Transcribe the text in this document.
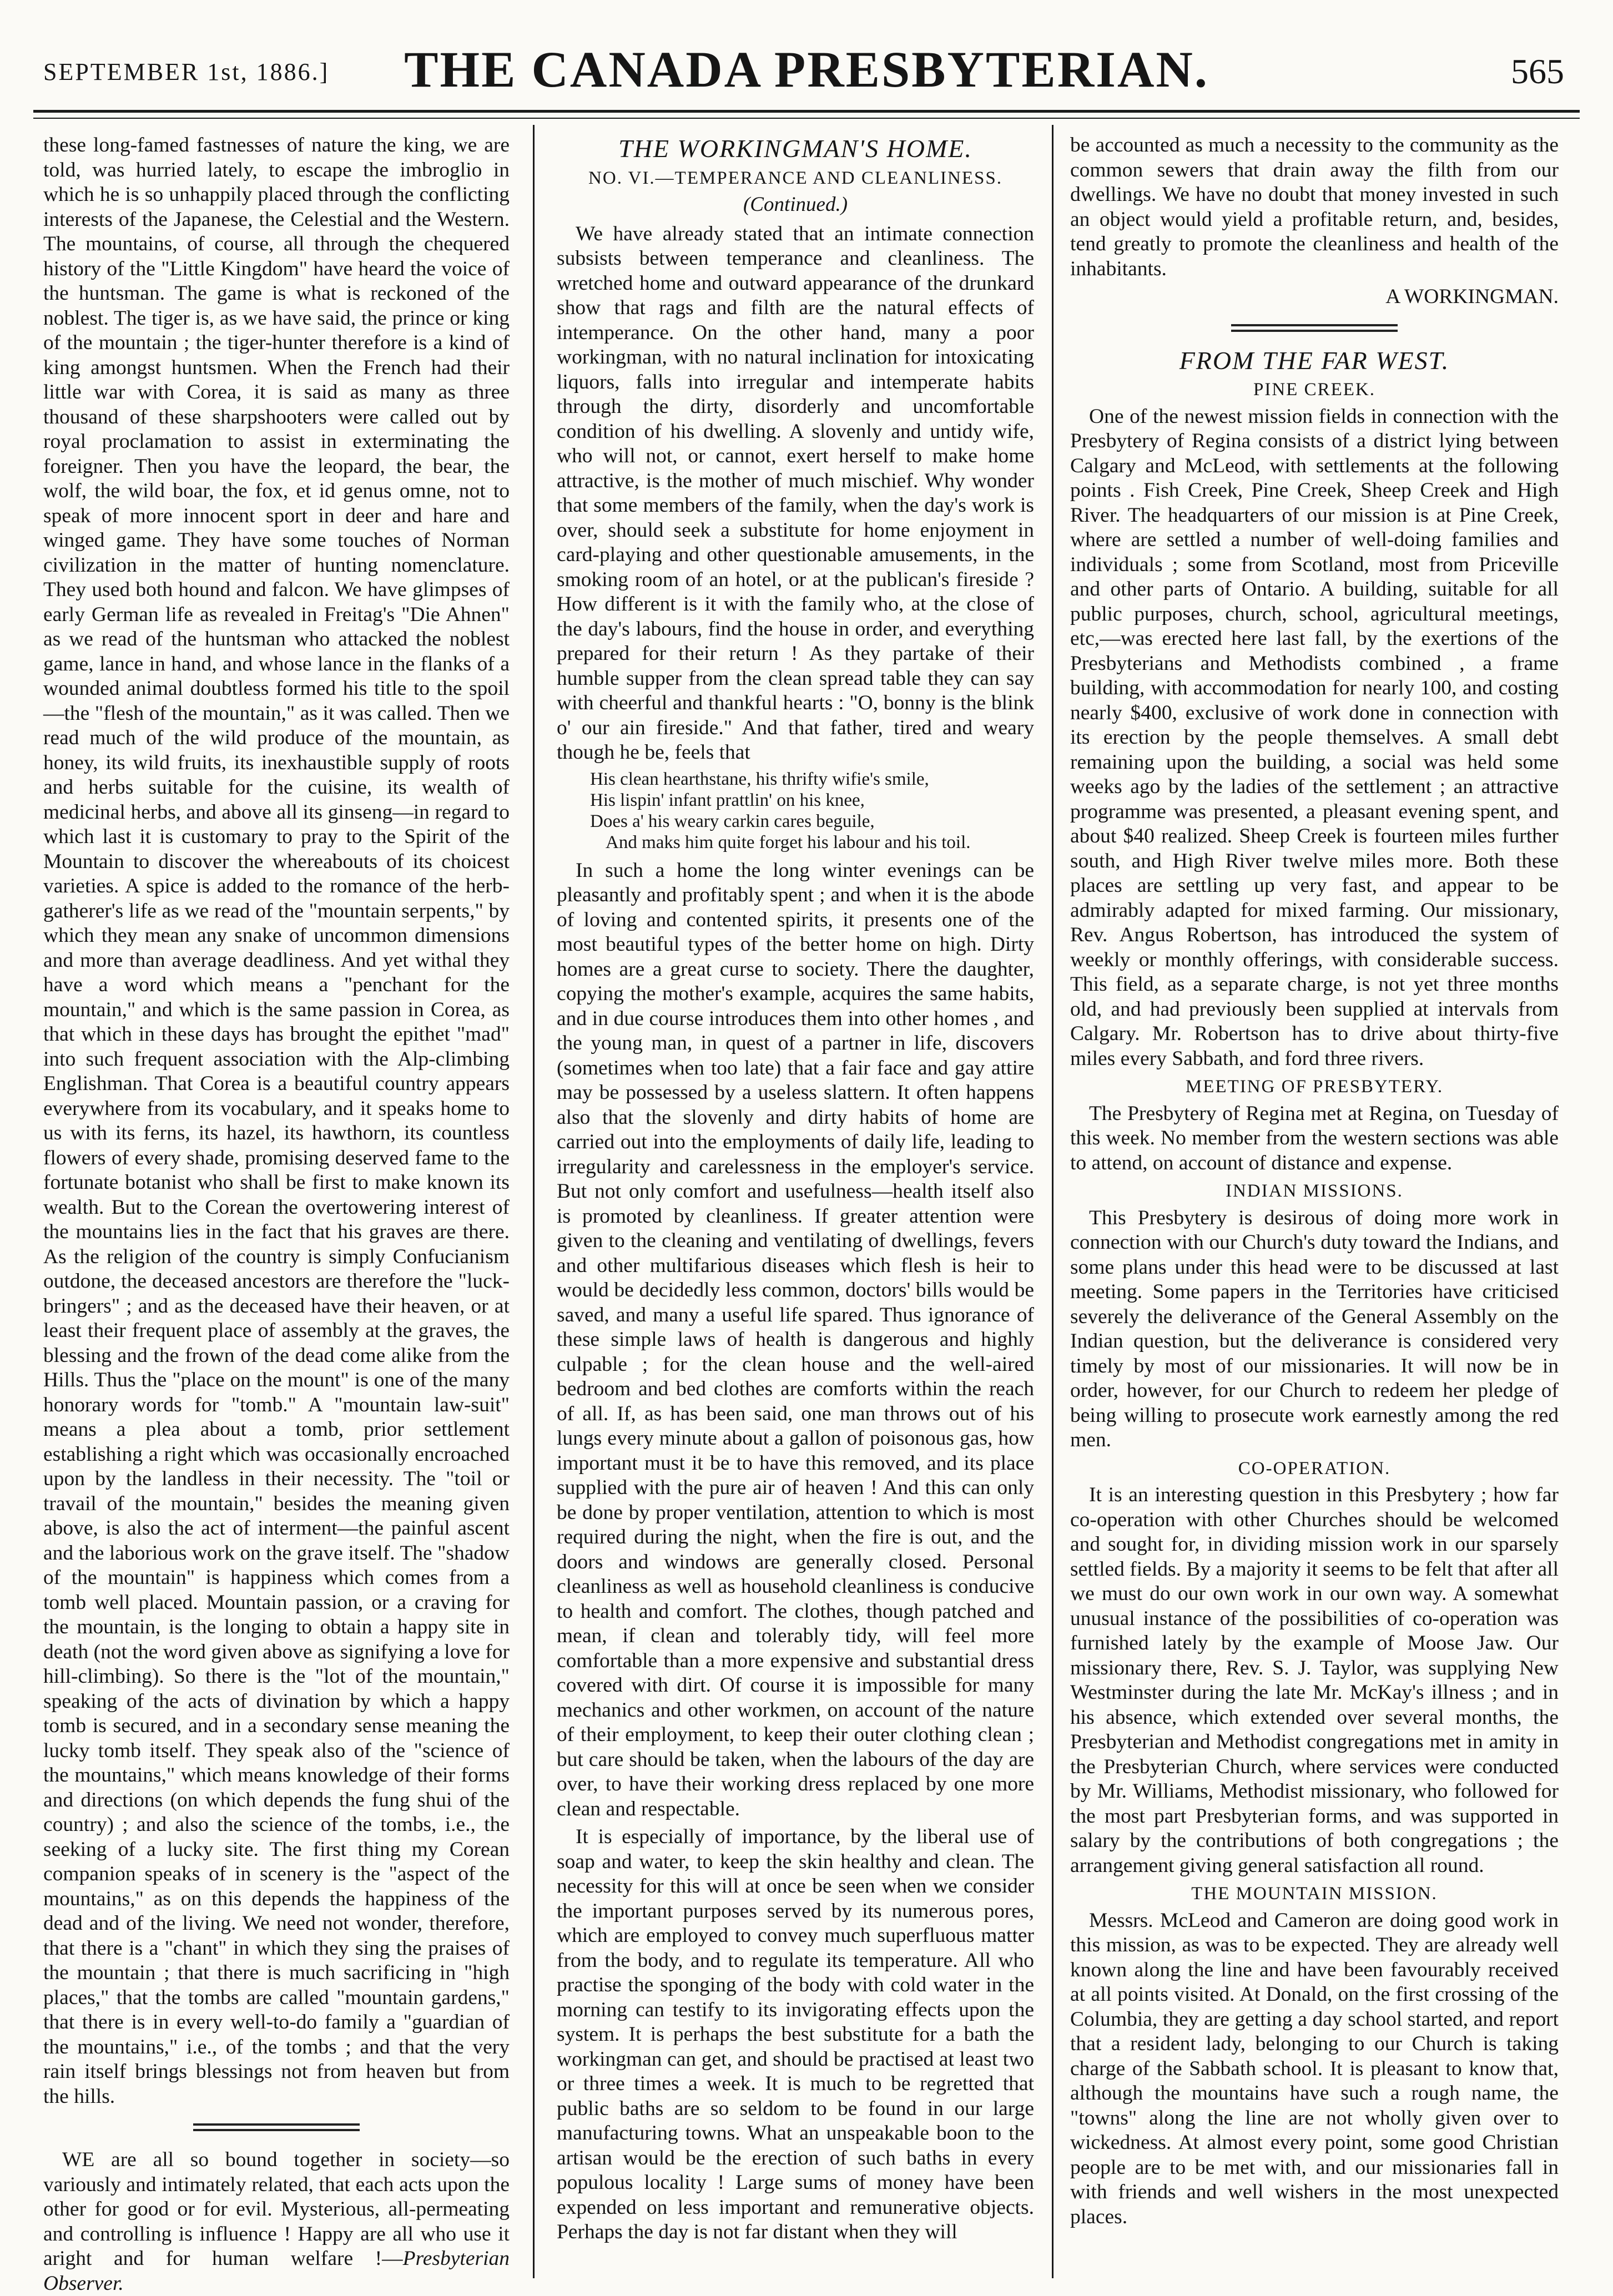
SEPTEMBER 1st, 1886.]	THE CANADA PRESBYTERIAN.	565

these long-famed fastnesses of nature the king, we are told, was hurried lately, to escape the imbroglio in which he is so unhappily placed through the conflicting interests of the Japanese, the Celestial and the Western. The mountains, of course, all through the chequered history of the "Little Kingdom" have heard the voice of the huntsman. The game is what is reckoned of the noblest. The tiger is, as we have said, the prince or king of the mountain ; the tiger-hunter therefore is a kind of king amongst huntsmen. When the French had their little war with Corea, it is said as many as three thousand of these sharpshooters were called out by royal proclamation to assist in exterminating the foreigner. Then you have the leopard, the bear, the wolf, the wild boar, the fox, et id genus omne, not to speak of more innocent sport in deer and hare and winged game. They have some touches of Norman civilization in the matter of hunting nomenclature. They used both hound and falcon. We have glimpses of early German life as revealed in Freitag's "Die Ahnen" as we read of the huntsman who attacked the noblest game, lance in hand, and whose lance in the flanks of a wounded animal doubtless formed his title to the spoil—the "flesh of the mountain," as it was called. Then we read much of the wild produce of the mountain, as honey, its wild fruits, its inexhaustible supply of roots and herbs suitable for the cuisine, its wealth of medicinal herbs, and above all its ginseng—in regard to which last it is customary to pray to the Spirit of the Mountain to discover the whereabouts of its choicest varieties. A spice is added to the romance of the herb-gatherer's life as we read of the "mountain serpents," by which they mean any snake of uncommon dimensions and more than average deadliness. And yet withal they have a word which means a "penchant for the mountain," and which is the same passion in Corea, as that which in these days has brought the epithet "mad" into such frequent association with the Alp-climbing Englishman. That Corea is a beautiful country appears everywhere from its vocabulary, and it speaks home to us with its ferns, its hazel, its hawthorn, its countless flowers of every shade, promising deserved fame to the fortunate botanist who shall be first to make known its wealth. But to the Corean the overtowering interest of the mountains lies in the fact that his graves are there. As the religion of the country is simply Confucianism outdone, the deceased ancestors are therefore the "luck-bringers" ; and as the deceased have their heaven, or at least their frequent place of assembly at the graves, the blessing and the frown of the dead come alike from the Hills. Thus the "place on the mount" is one of the many honorary words for "tomb." A "mountain law-suit" means a plea about a tomb, prior settlement establishing a right which was occasionally encroached upon by the landless in their necessity. The "toil or travail of the mountain," besides the meaning given above, is also the act of interment—the painful ascent and the laborious work on the grave itself. The "shadow of the mountain" is happiness which comes from a tomb well placed. Mountain passion, or a craving for the mountain, is the longing to obtain a happy site in death (not the word given above as signifying a love for hill-climbing). So there is the "lot of the mountain," speaking of the acts of divination by which a happy tomb is secured, and in a secondary sense meaning the lucky tomb itself. They speak also of the "science of the mountains," which means knowledge of their forms and directions (on which depends the fung shui of the country) ; and also the science of the tombs, i.e., the seeking of a lucky site. The first thing my Corean companion speaks of in scenery is the "aspect of the mountains," as on this depends the happiness of the dead and of the living. We need not wonder, therefore, that there is a "chant" in which they sing the praises of the mountain ; that there is much sacrificing in "high places," that the tombs are called "mountain gardens," that there is in every well-to-do family a "guardian of the mountains," i.e., of the tombs ; and that the very rain itself brings blessings not from heaven but from the hills.

WE are all so bound together in society—so variously and intimately related, that each acts upon the other for good or for evil. Mysterious, all-permeating and controlling is influence ! Happy are all who use it aright and for human welfare !—Presbyterian Observer.

THE WORKINGMAN'S HOME.
NO. VI.—TEMPERANCE AND CLEANLINESS.
(Continued.)

We have already stated that an intimate connection subsists between temperance and cleanliness. The wretched home and outward appearance of the drunkard show that rags and filth are the natural effects of intemperance. On the other hand, many a poor workingman, with no natural inclination for intoxicating liquors, falls into irregular and intemperate habits through the dirty, disorderly and uncomfortable condition of his dwelling. A slovenly and untidy wife, who will not, or cannot, exert herself to make home attractive, is the mother of much mischief. Why wonder that some members of the family, when the day's work is over, should seek a substitute for home enjoyment in card-playing and other questionable amusements, in the smoking room of an hotel, or at the publican's fireside ? How different is it with the family who, at the close of the day's labours, find the house in order, and everything prepared for their return ! As they partake of their humble supper from the clean spread table they can say with cheerful and thankful hearts : "O, bonny is the blink o' our ain fireside." And that father, tired and weary though he be, feels that

His clean hearthstane, his thrifty wifie's smile,
His lispin' infant prattlin' on his knee,
Does a' his weary carkin cares beguile,
And maks him quite forget his labour and his toil.

In such a home the long winter evenings can be pleasantly and profitably spent ; and when it is the abode of loving and contented spirits, it presents one of the most beautiful types of the better home on high. Dirty homes are a great curse to society. There the daughter, copying the mother's example, acquires the same habits, and in due course introduces them into other homes , and the young man, in quest of a partner in life, discovers (sometimes when too late) that a fair face and gay attire may be possessed by a useless slattern. It often happens also that the slovenly and dirty habits of home are carried out into the employments of daily life, leading to irregularity and carelessness in the employer's service. But not only comfort and usefulness—health itself also is promoted by cleanliness. If greater attention were given to the cleaning and ventilating of dwellings, fevers and other multifarious diseases which flesh is heir to would be decidedly less common, doctors' bills would be saved, and many a useful life spared. Thus ignorance of these simple laws of health is dangerous and highly culpable ; for the clean house and the well-aired bedroom and bed clothes are comforts within the reach of all. If, as has been said, one man throws out of his lungs every minute about a gallon of poisonous gas, how important must it be to have this removed, and its place supplied with the pure air of heaven ! And this can only be done by proper ventilation, attention to which is most required during the night, when the fire is out, and the doors and windows are generally closed. Personal cleanliness as well as household cleanliness is conducive to health and comfort. The clothes, though patched and mean, if clean and tolerably tidy, will feel more comfortable than a more expensive and substantial dress covered with dirt. Of course it is impossible for many mechanics and other workmen, on account of the nature of their employment, to keep their outer clothing clean ; but care should be taken, when the labours of the day are over, to have their working dress replaced by one more clean and respectable.

It is especially of importance, by the liberal use of soap and water, to keep the skin healthy and clean. The necessity for this will at once be seen when we consider the important purposes served by its numerous pores, which are employed to convey much superfluous matter from the body, and to regulate its temperature. All who practise the sponging of the body with cold water in the morning can testify to its invigorating effects upon the system. It is perhaps the best substitute for a bath the workingman can get, and should be practised at least two or three times a week. It is much to be regretted that public baths are so seldom to be found in our large manufacturing towns. What an unspeakable boon to the artisan would be the erection of such baths in every populous locality ! Large sums of money have been expended on less important and remunerative objects. Perhaps the day is not far distant when they will

be accounted as much a necessity to the community as the common sewers that drain away the filth from our dwellings. We have no doubt that money invested in such an object would yield a profitable return, and, besides, tend greatly to promote the cleanliness and health of the inhabitants.

A WORKINGMAN.
FROM THE FAR WEST.
PINE CREEK.

One of the newest mission fields in connection with the Presbytery of Regina consists of a district lying between Calgary and McLeod, with settlements at the following points . Fish Creek, Pine Creek, Sheep Creek and High River. The headquarters of our mission is at Pine Creek, where are settled a number of well-doing families and individuals ; some from Scotland, most from Priceville and other parts of Ontario. A building, suitable for all public purposes, church, school, agricultural meetings, etc,—was erected here last fall, by the exertions of the Presbyterians and Methodists combined , a frame building, with accommodation for nearly 100, and costing nearly $400, exclusive of work done in connection with its erection by the people themselves. A small debt remaining upon the building, a social was held some weeks ago by the ladies of the settlement ; an attractive programme was presented, a pleasant evening spent, and about $40 realized. Sheep Creek is fourteen miles further south, and High River twelve miles more. Both these places are settling up very fast, and appear to be admirably adapted for mixed farming. Our missionary, Rev. Angus Robertson, has introduced the system of weekly or monthly offerings, with considerable success. This field, as a separate charge, is not yet three months old, and had previously been supplied at intervals from Calgary. Mr. Robertson has to drive about thirty-five miles every Sabbath, and ford three rivers.

MEETING OF PRESBYTERY.

The Presbytery of Regina met at Regina, on Tuesday of this week. No member from the western sections was able to attend, on account of distance and expense.

INDIAN MISSIONS.

This Presbytery is desirous of doing more work in connection with our Church's duty toward the Indians, and some plans under this head were to be discussed at last meeting. Some papers in the Territories have criticised severely the deliverance of the General Assembly on the Indian question, but the deliverance is considered very timely by most of our missionaries. It will now be in order, however, for our Church to redeem her pledge of being willing to prosecute work earnestly among the red men.

CO-OPERATION.

It is an interesting question in this Presbytery ; how far co-operation with other Churches should be welcomed and sought for, in dividing mission work in our sparsely settled fields. By a majority it seems to be felt that after all we must do our own work in our own way. A somewhat unusual instance of the possibilities of co-operation was furnished lately by the example of Moose Jaw. Our missionary there, Rev. S. J. Taylor, was supplying New Westminster during the late Mr. McKay's illness ; and in his absence, which extended over several months, the Presbyterian and Methodist congregations met in amity in the Presbyterian Church, where services were conducted by Mr. Williams, Methodist missionary, who followed for the most part Presbyterian forms, and was supported in salary by the contributions of both congregations ; the arrangement giving general satisfaction all round.

THE MOUNTAIN MISSION.

Messrs. McLeod and Cameron are doing good work in this mission, as was to be expected. They are already well known along the line and have been favourably received at all points visited. At Donald, on the first crossing of the Columbia, they are getting a day school started, and report that a resident lady, belonging to our Church is taking charge of the Sabbath school. It is pleasant to know that, although the mountains have such a rough name, the "towns" along the line are not wholly given over to wickedness. At almost every point, some good Christian people are to be met with, and our missionaries fall in with friends and well wishers in the most unexpected places.
